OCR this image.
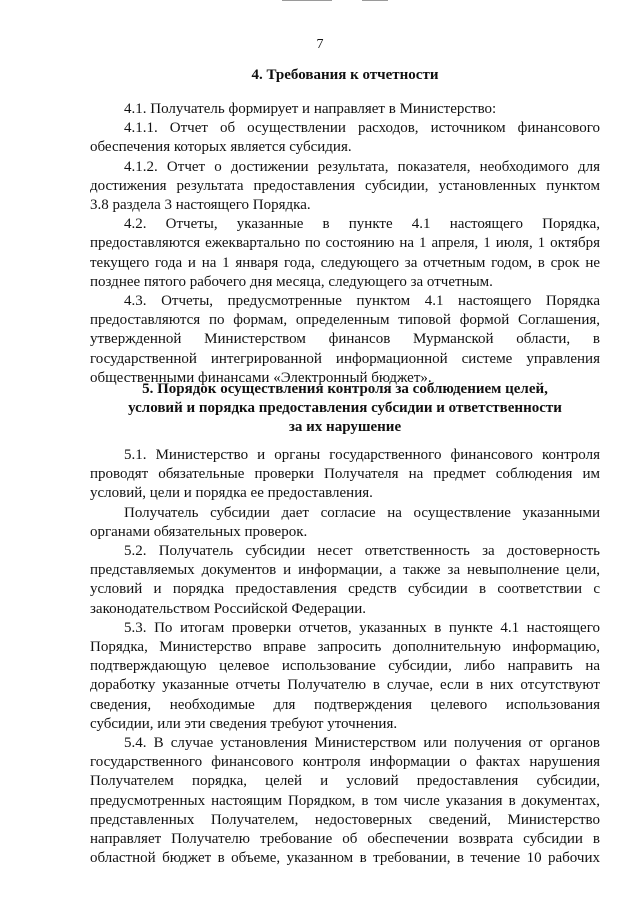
7
4. Требования к отчетности
4.1. Получатель формирует и направляет в Министерство:
4.1.1. Отчет об осуществлении расходов, источником финансового
обеспечения которых является субсидия.
4.1.2. Отчет о достижении результата, показателя, необходимого для
достижения результата предоставления субсидии, установленных пунктом
3.8 раздела 3 настоящего Порядка.
4.2. Отчеты, указанные в пункте 4.1 настоящего Порядка,
предоставляются ежеквартально по состоянию на 1 апреля, 1 июля, 1 октября
текущего года и на 1 января года, следующего за отчетным годом, в срок не
позднее пятого рабочего дня месяца, следующего за отчетным.
4.3. Отчеты, предусмотренные пунктом 4.1 настоящего Порядка
предоставляются по формам, определенным типовой формой Соглашения,
утвержденной Министерством финансов Мурманской области, в
государственной интегрированной информационной системе управления
общественными финансами «Электронный бюджет».
5. Порядок осуществления контроля за соблюдением целей,
условий и порядка предоставления субсидии и ответственности
за их нарушение
5.1. Министерство и органы государственного финансового контроля
проводят обязательные проверки Получателя на предмет соблюдения им
условий, цели и порядка ее предоставления.
Получатель субсидии дает согласие на осуществление указанными
органами обязательных проверок.
5.2. Получатель субсидии несет ответственность за достоверность
представляемых документов и информации, а также за невыполнение цели,
условий и порядка предоставления средств субсидии в соответствии с
законодательством Российской Федерации.
5.3. По итогам проверки отчетов, указанных в пункте 4.1 настоящего
Порядка, Министерство вправе запросить дополнительную информацию,
подтверждающую целевое использование субсидии, либо направить на
доработку указанные отчеты Получателю в случае, если в них отсутствуют
сведения, необходимые для подтверждения целевого использования
субсидии, или эти сведения требуют уточнения.
5.4. В случае установления Министерством или получения от органов
государственного финансового контроля информации о фактах нарушения
Получателем порядка, целей и условий предоставления субсидии,
предусмотренных настоящим Порядком, в том числе указания в документах,
представленных Получателем, недостоверных сведений, Министерство
направляет Получателю требование об обеспечении возврата субсидии в
областной бюджет в объеме, указанном в требовании, в течение 10 рабочих
